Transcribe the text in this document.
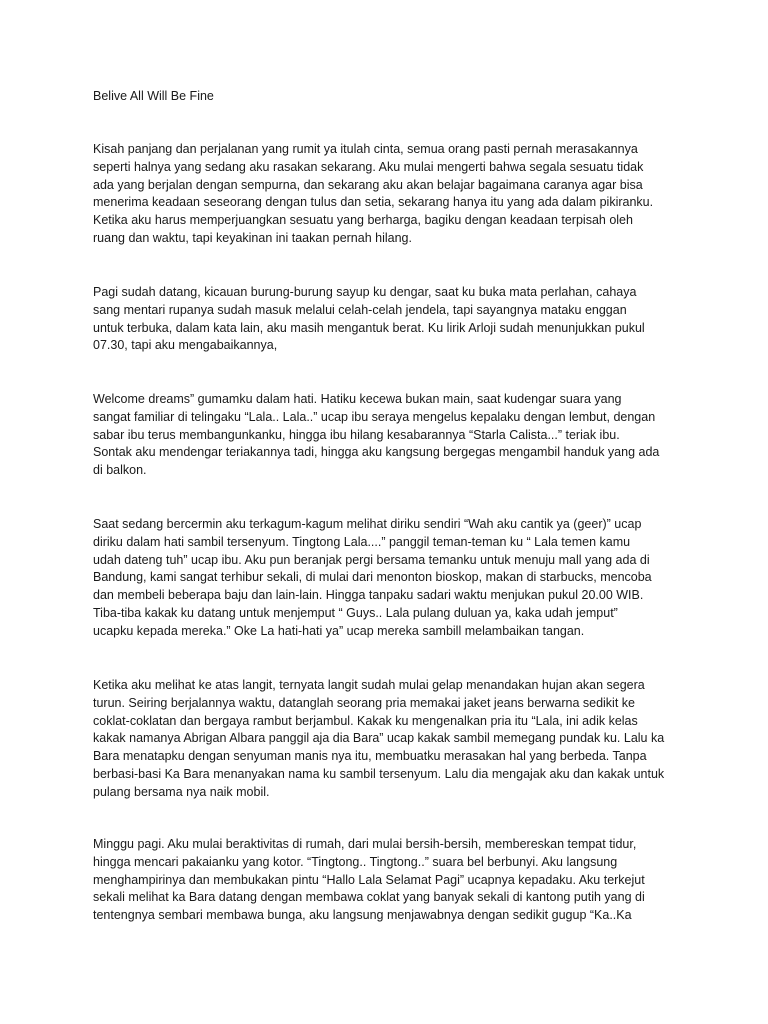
Belive All Will Be Fine

Kisah panjang dan perjalanan yang rumit ya itulah cinta, semua orang pasti pernah merasakannya
seperti halnya yang sedang aku rasakan sekarang. Aku mulai mengerti bahwa segala sesuatu tidak
ada yang berjalan dengan sempurna, dan sekarang aku akan belajar bagaimana caranya agar bisa
menerima keadaan seseorang dengan tulus dan setia, sekarang hanya itu yang ada dalam pikiranku.
Ketika aku harus memperjuangkan sesuatu yang berharga, bagiku dengan keadaan terpisah oleh
ruang dan waktu, tapi keyakinan ini taakan pernah hilang.

Pagi sudah datang, kicauan burung-burung sayup ku dengar, saat ku buka mata perlahan, cahaya
sang mentari rupanya sudah masuk melalui celah-celah jendela, tapi sayangnya mataku enggan
untuk terbuka, dalam kata lain, aku masih mengantuk berat. Ku lirik Arloji sudah menunjukkan pukul
07.30, tapi aku mengabaikannya,

Welcome dreams” gumamku dalam hati. Hatiku kecewa bukan main, saat kudengar suara yang
sangat familiar di telingaku “Lala.. Lala..” ucap ibu seraya mengelus kepalaku dengan lembut, dengan
sabar ibu terus membangunkanku, hingga ibu hilang kesabarannya “Starla Calista...” teriak ibu.
Sontak aku mendengar teriakannya tadi, hingga aku kangsung bergegas mengambil handuk yang ada
di balkon.

Saat sedang bercermin aku terkagum-kagum melihat diriku sendiri “Wah aku cantik ya (geer)” ucap
diriku dalam hati sambil tersenyum. Tingtong Lala....” panggil teman-teman ku “ Lala temen kamu
udah dateng tuh” ucap ibu. Aku pun beranjak pergi bersama temanku untuk menuju mall yang ada di
Bandung, kami sangat terhibur sekali, di mulai dari menonton bioskop, makan di starbucks, mencoba
dan membeli beberapa baju dan lain-lain. Hingga tanpaku sadari waktu menjukan pukul 20.00 WIB.
Tiba-tiba kakak ku datang untuk menjemput “ Guys.. Lala pulang duluan ya, kaka udah jemput”
ucapku kepada mereka.” Oke La hati-hati ya” ucap mereka sambill melambaikan tangan.

Ketika aku melihat ke atas langit, ternyata langit sudah mulai gelap menandakan hujan akan segera
turun. Seiring berjalannya waktu, datanglah seorang pria memakai jaket jeans berwarna sedikit ke
coklat-coklatan dan bergaya rambut berjambul. Kakak ku mengenalkan pria itu “Lala, ini adik kelas
kakak namanya Abrigan Albara panggil aja dia Bara” ucap kakak sambil memegang pundak ku. Lalu ka
Bara menatapku dengan senyuman manis nya itu, membuatku merasakan hal yang berbeda. Tanpa
berbasi-basi Ka Bara menanyakan nama ku sambil tersenyum. Lalu dia mengajak aku dan kakak untuk
pulang bersama nya naik mobil.

Minggu pagi. Aku mulai beraktivitas di rumah, dari mulai bersih-bersih, membereskan tempat tidur,
hingga mencari pakaianku yang kotor. “Tingtong.. Tingtong..” suara bel berbunyi. Aku langsung
menghampirinya dan membukakan pintu “Hallo Lala Selamat Pagi” ucapnya kepadaku. Aku terkejut
sekali melihat ka Bara datang dengan membawa coklat yang banyak sekali di kantong putih yang di
tentengnya sembari membawa bunga, aku langsung menjawabnya dengan sedikit gugup “Ka..Ka
